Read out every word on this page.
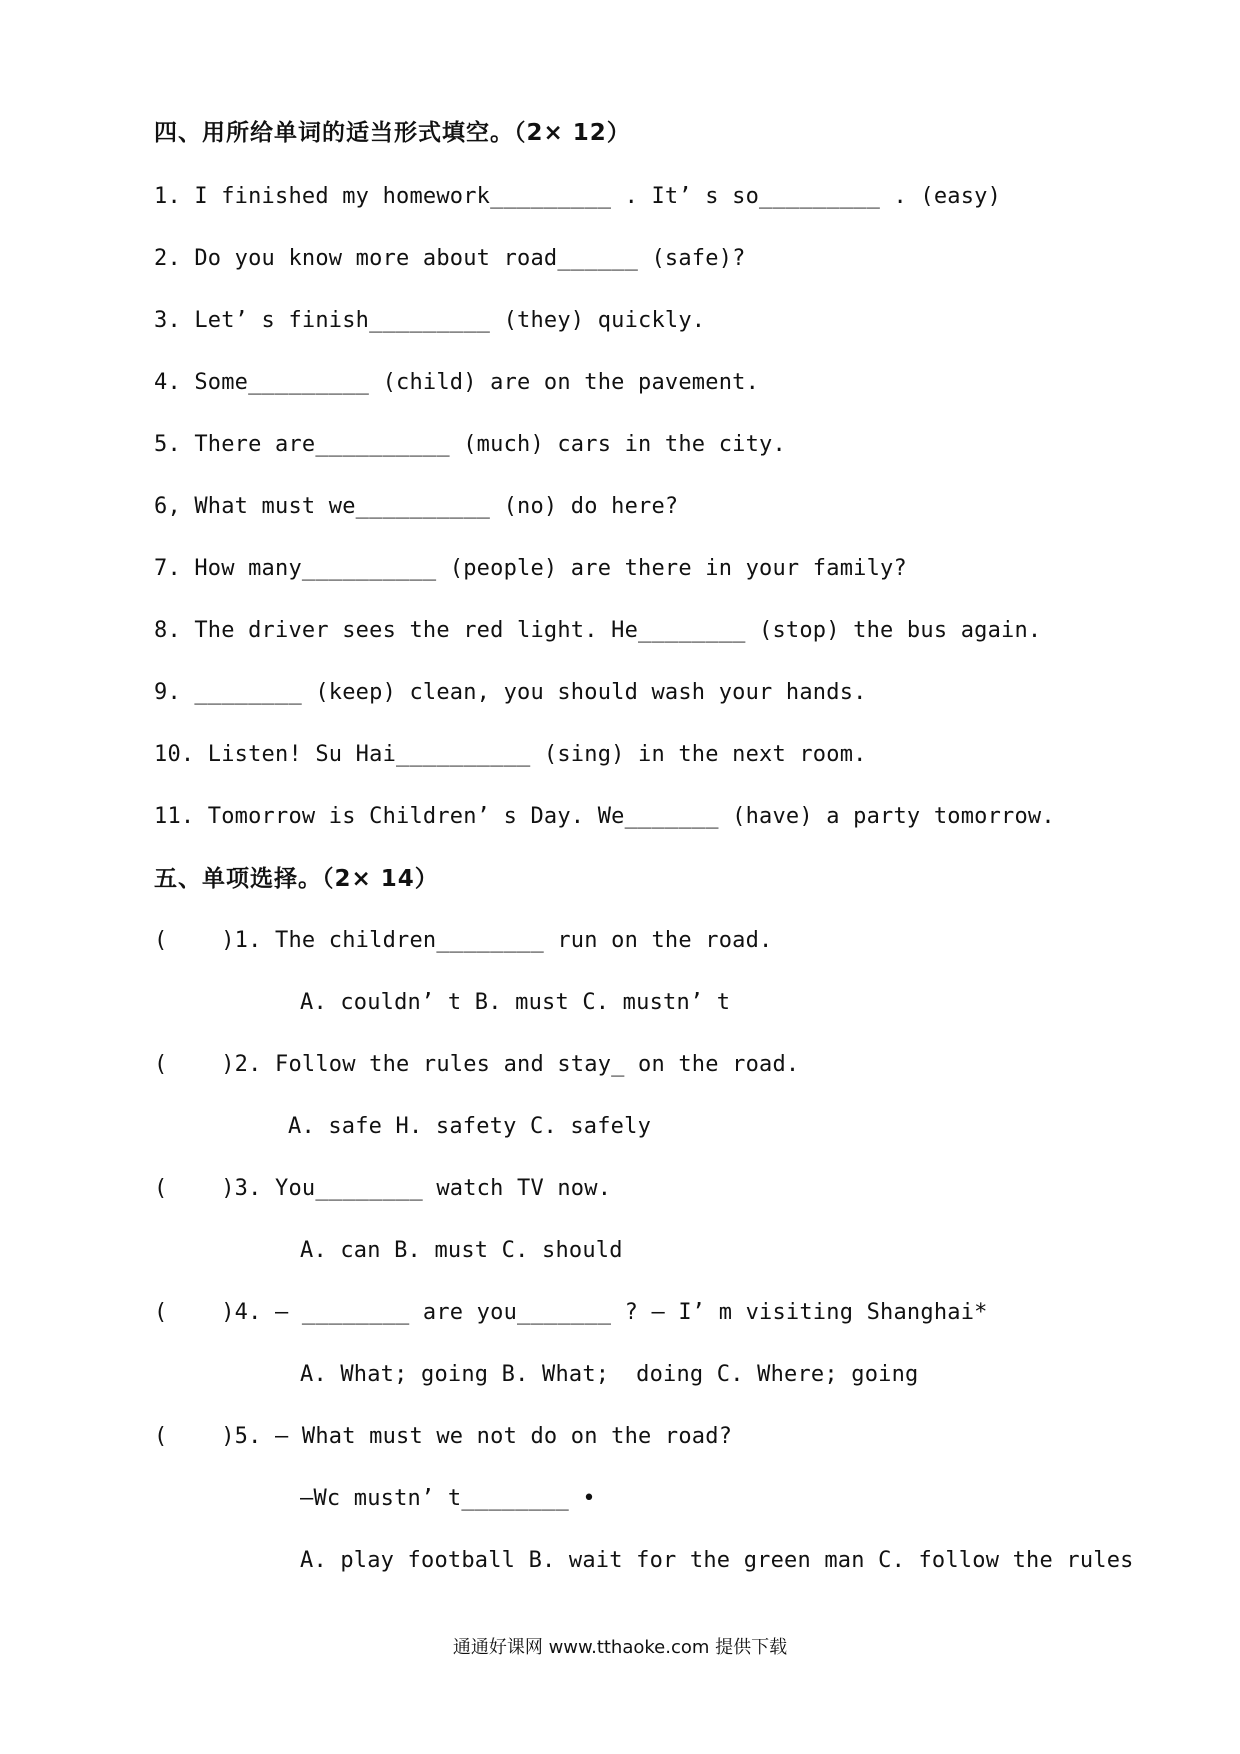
四、用所给单词的适当形式填空。（2× 12）
1. I finished my homework_________ . It’ s so_________ . (easy)
2. Do you know more about road______ (safe)?
3. Let’ s finish_________ (they) quickly.
4. Some_________ (child) are on the pavement.
5. There are__________ (much) cars in the city.
6, What must we__________ (no) do here?
7. How many__________ (people) are there in your family?
8. The driver sees the red light. He________ (stop) the bus again.
9. ________ (keep) clean, you should wash your hands.
10. Listen! Su Hai__________ (sing) in the next room.
11. Tomorrow is Children’ s Day. We_______ (have) a party tomorrow.
五、单项选择。（2× 14）
(    )1. The children________ run on the road.
A. couldn’ t B. must C. mustn’ t
(    )2. Follow the rules and stay_ on the road.
A. safe H. safety C. safely
(    )3. You________ watch TV now.
A. can B. must C. should
(    )4. — ________ are you_______ ? — I’ m visiting Shanghai*
A. What; going B. What;  doing C. Where; going
(    )5. — What must we not do on the road?
—Wc mustn’ t________ •
A. play football B. wait for the green man C. follow the rules
通通好课网 www.tthaoke.com 提供下载
